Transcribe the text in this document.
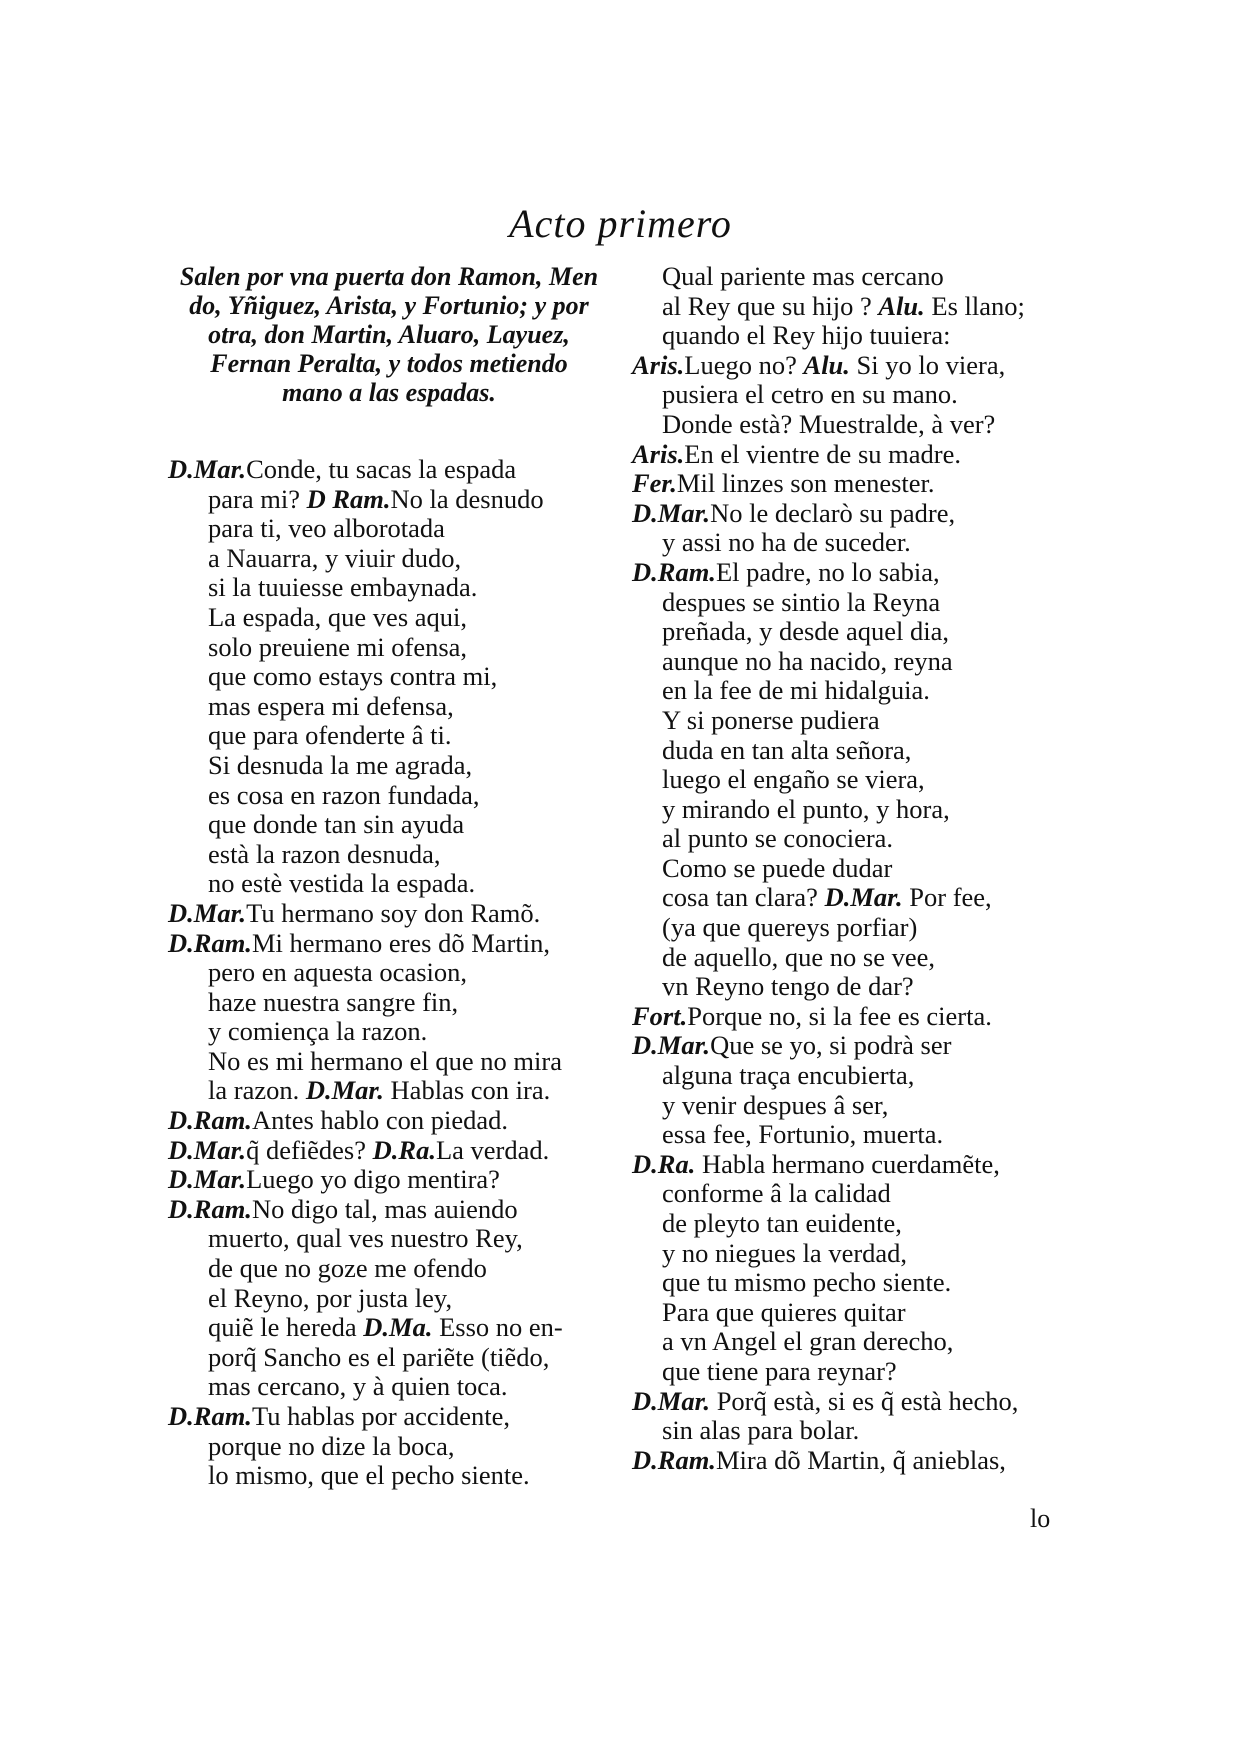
Acto primero
Salen por vna puerta don Ramon, Men
do, Yñiguez, Arista, y Fortunio; y por
otra, don Martin, Aluaro, Layuez,
Fernan Peralta, y todos metiendo
mano a las espadas.
D.Mar.Conde, tu sacas la espada
para mi? D Ram.No la desnudo
para ti, veo alborotada
a Nauarra, y viuir dudo,
si la tuuiesse embaynada.
La espada, que ves aqui,
solo preuiene mi ofensa,
que como estays contra mi,
mas espera mi defensa,
que para ofenderte â ti.
Si desnuda la me agrada,
es cosa en razon fundada,
que donde tan sin ayuda
està la razon desnuda,
no estè vestida la espada.
D.Mar.Tu hermano soy don Ramõ.
D.Ram.Mi hermano eres dõ Martin,
pero en aquesta ocasion,
haze nuestra sangre fin,
y comiença la razon.
No es mi hermano el que no mira
la razon. D.Mar. Hablas con ira.
D.Ram.Antes hablo con piedad.
D.Mar.q̃ defiẽdes? D.Ra.La verdad.
D.Mar.Luego yo digo mentira?
D.Ram.No digo tal, mas auiendo
muerto, qual ves nuestro Rey,
de que no goze me ofendo
el Reyno, por justa ley,
quiẽ le hereda D.Ma. Esso no en-
porq̃ Sancho es el pariẽte (tiẽdo,
mas cercano, y à quien toca.
D.Ram.Tu hablas por accidente,
porque no dize la boca,
lo mismo, que el pecho siente.
Qual pariente mas cercano
al Rey que su hijo ? Alu. Es llano;
quando el Rey hijo tuuiera:
Aris.Luego no? Alu. Si yo lo viera,
pusiera el cetro en su mano.
Donde està? Muestralde, à ver?
Aris.En el vientre de su madre.
Fer.Mil linzes son menester.
D.Mar.No le declarò su padre,
y assi no ha de suceder.
D.Ram.El padre, no lo sabia,
despues se sintio la Reyna
preñada, y desde aquel dia,
aunque no ha nacido, reyna
en la fee de mi hidalguia.
Y si ponerse pudiera
duda en tan alta señora,
luego el engaño se viera,
y mirando el punto, y hora,
al punto se conociera.
Como se puede dudar
cosa tan clara? D.Mar. Por fee,
(ya que quereys porfiar)
de aquello, que no se vee,
vn Reyno tengo de dar?
Fort.Porque no, si la fee es cierta.
D.Mar.Que se yo, si podrà ser
alguna traça encubierta,
y venir despues â ser,
essa fee, Fortunio, muerta.
D.Ra. Habla hermano cuerdamẽte,
conforme â la calidad
de pleyto tan euidente,
y no niegues la verdad,
que tu mismo pecho siente.
Para que quieres quitar
a vn Angel el gran derecho,
que tiene para reynar?
D.Mar. Porq̃ està, si es q̃ està hecho,
sin alas para bolar.
D.Ram.Mira dõ Martin, q̃ anieblas,
lo
